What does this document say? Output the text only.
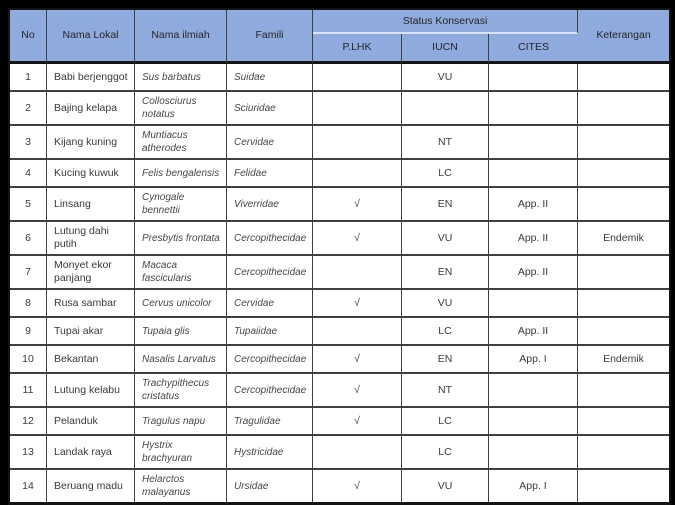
No	Nama Lokal	Nama ilmiah	Famili	Status Konservasi			Keterangan
				P.LHK	IUCN	CITES	
1	Babi berjenggot	Sus barbatus	Suidae		VU		
2	Bajing kelapa	Collosciurus notatus	Sciuridae				
3	Kijang kuning	Muntiacus atherodes	Cervidae		NT		
4	Kucing kuwuk	Felis bengalensis	Felidae		LC		
5	Linsang	Cynogale bennettii	Viverridae	√	EN	App. II	
6	Lutung dahi putih	Presbytis frontata	Cercopithecidae	√	VU	App. II	Endemik
7	Monyet ekor panjang	Macaca fascicularis	Cercopithecidae		EN	App. II	
8	Rusa sambar	Cervus unicolor	Cervidae	√	VU		
9	Tupai akar	Tupaia glis	Tupaiidae		LC	App. II	
10	Bekantan	Nasalis Larvatus	Cercopithecidae	√	EN	App. I	Endemik
11	Lutung kelabu	Trachypithecus cristatus	Cercopithecidae	√	NT		
12	Pelanduk	Tragulus napu	Tragulidae	√	LC		
13	Landak raya	Hystrix brachyuran	Hystricidae		LC		
14	Beruang madu	Helarctos malayanus	Ursidae	√	VU	App. I	
